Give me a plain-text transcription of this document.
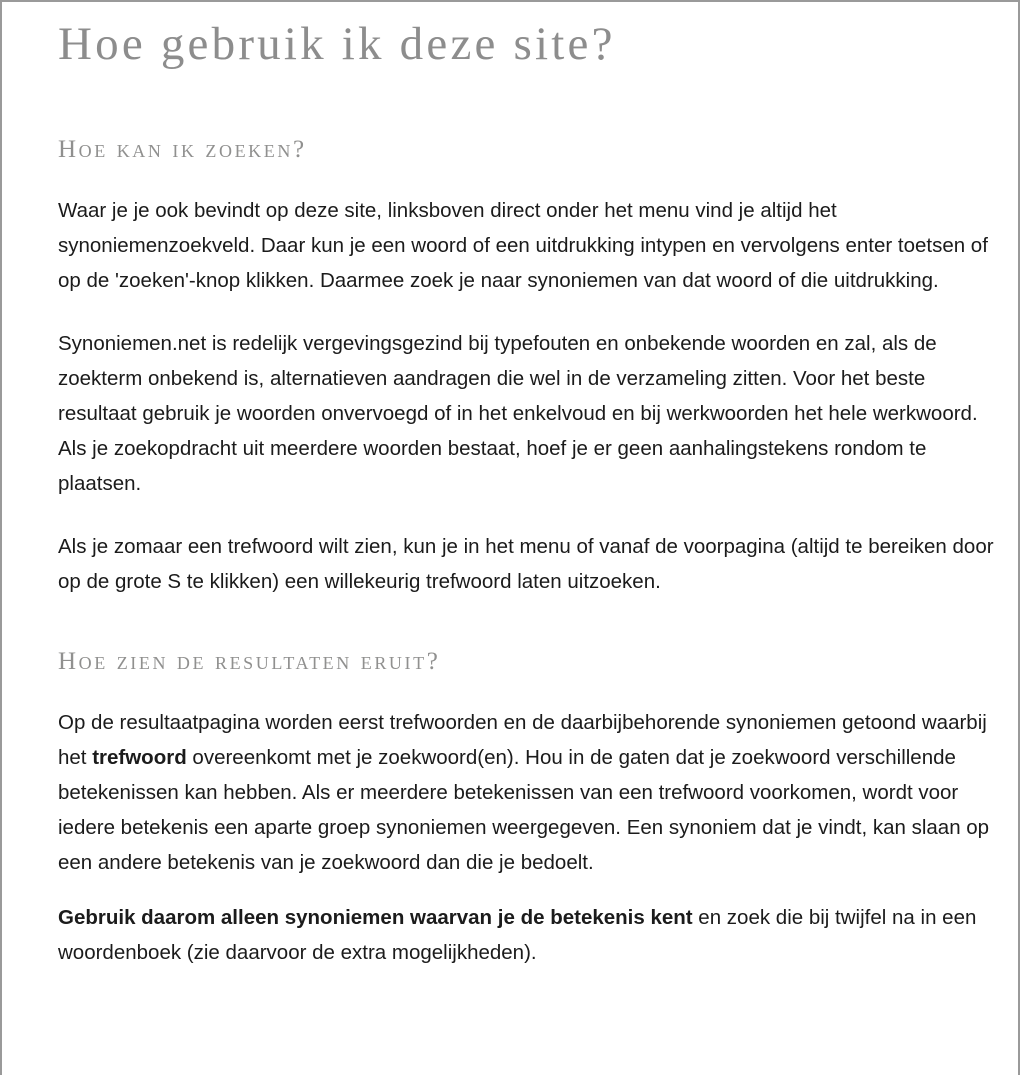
Hoe gebruik ik deze site?
Hoe kan ik zoeken?

Waar je je ook bevindt op deze site, linksboven direct onder het menu vind je altijd het synoniemenzoekveld. Daar kun je een woord of een uitdrukking intypen en vervolgens enter toetsen of op de 'zoeken'-knop klikken. Daarmee zoek je naar synoniemen van dat woord of die uitdrukking.

Synoniemen.net is redelijk vergevingsgezind bij typefouten en onbekende woorden en zal, als de zoekterm onbekend is, alternatieven aandragen die wel in de verzameling zitten. Voor het beste resultaat gebruik je woorden onvervoegd of in het enkelvoud en bij werkwoorden het hele werkwoord. Als je zoekopdracht uit meerdere woorden bestaat, hoef je er geen aanhalingstekens rondom te plaatsen.

Als je zomaar een trefwoord wilt zien, kun je in het menu of vanaf de voorpagina (altijd te bereiken door op de grote S te klikken) een willekeurig trefwoord laten uitzoeken.

Hoe zien de resultaten eruit?

Op de resultaatpagina worden eerst trefwoorden en de daarbijbehorende synoniemen getoond waarbij het trefwoord overeenkomt met je zoekwoord(en). Hou in de gaten dat je zoekwoord verschillende betekenissen kan hebben. Als er meerdere betekenissen van een trefwoord voorkomen, wordt voor iedere betekenis een aparte groep synoniemen weergegeven. Een synoniem dat je vindt, kan slaan op een andere betekenis van je zoekwoord dan die je bedoelt.

Gebruik daarom alleen synoniemen waarvan je de betekenis kent en zoek die bij twijfel na in een woordenboek (zie daarvoor de extra mogelijkheden).
